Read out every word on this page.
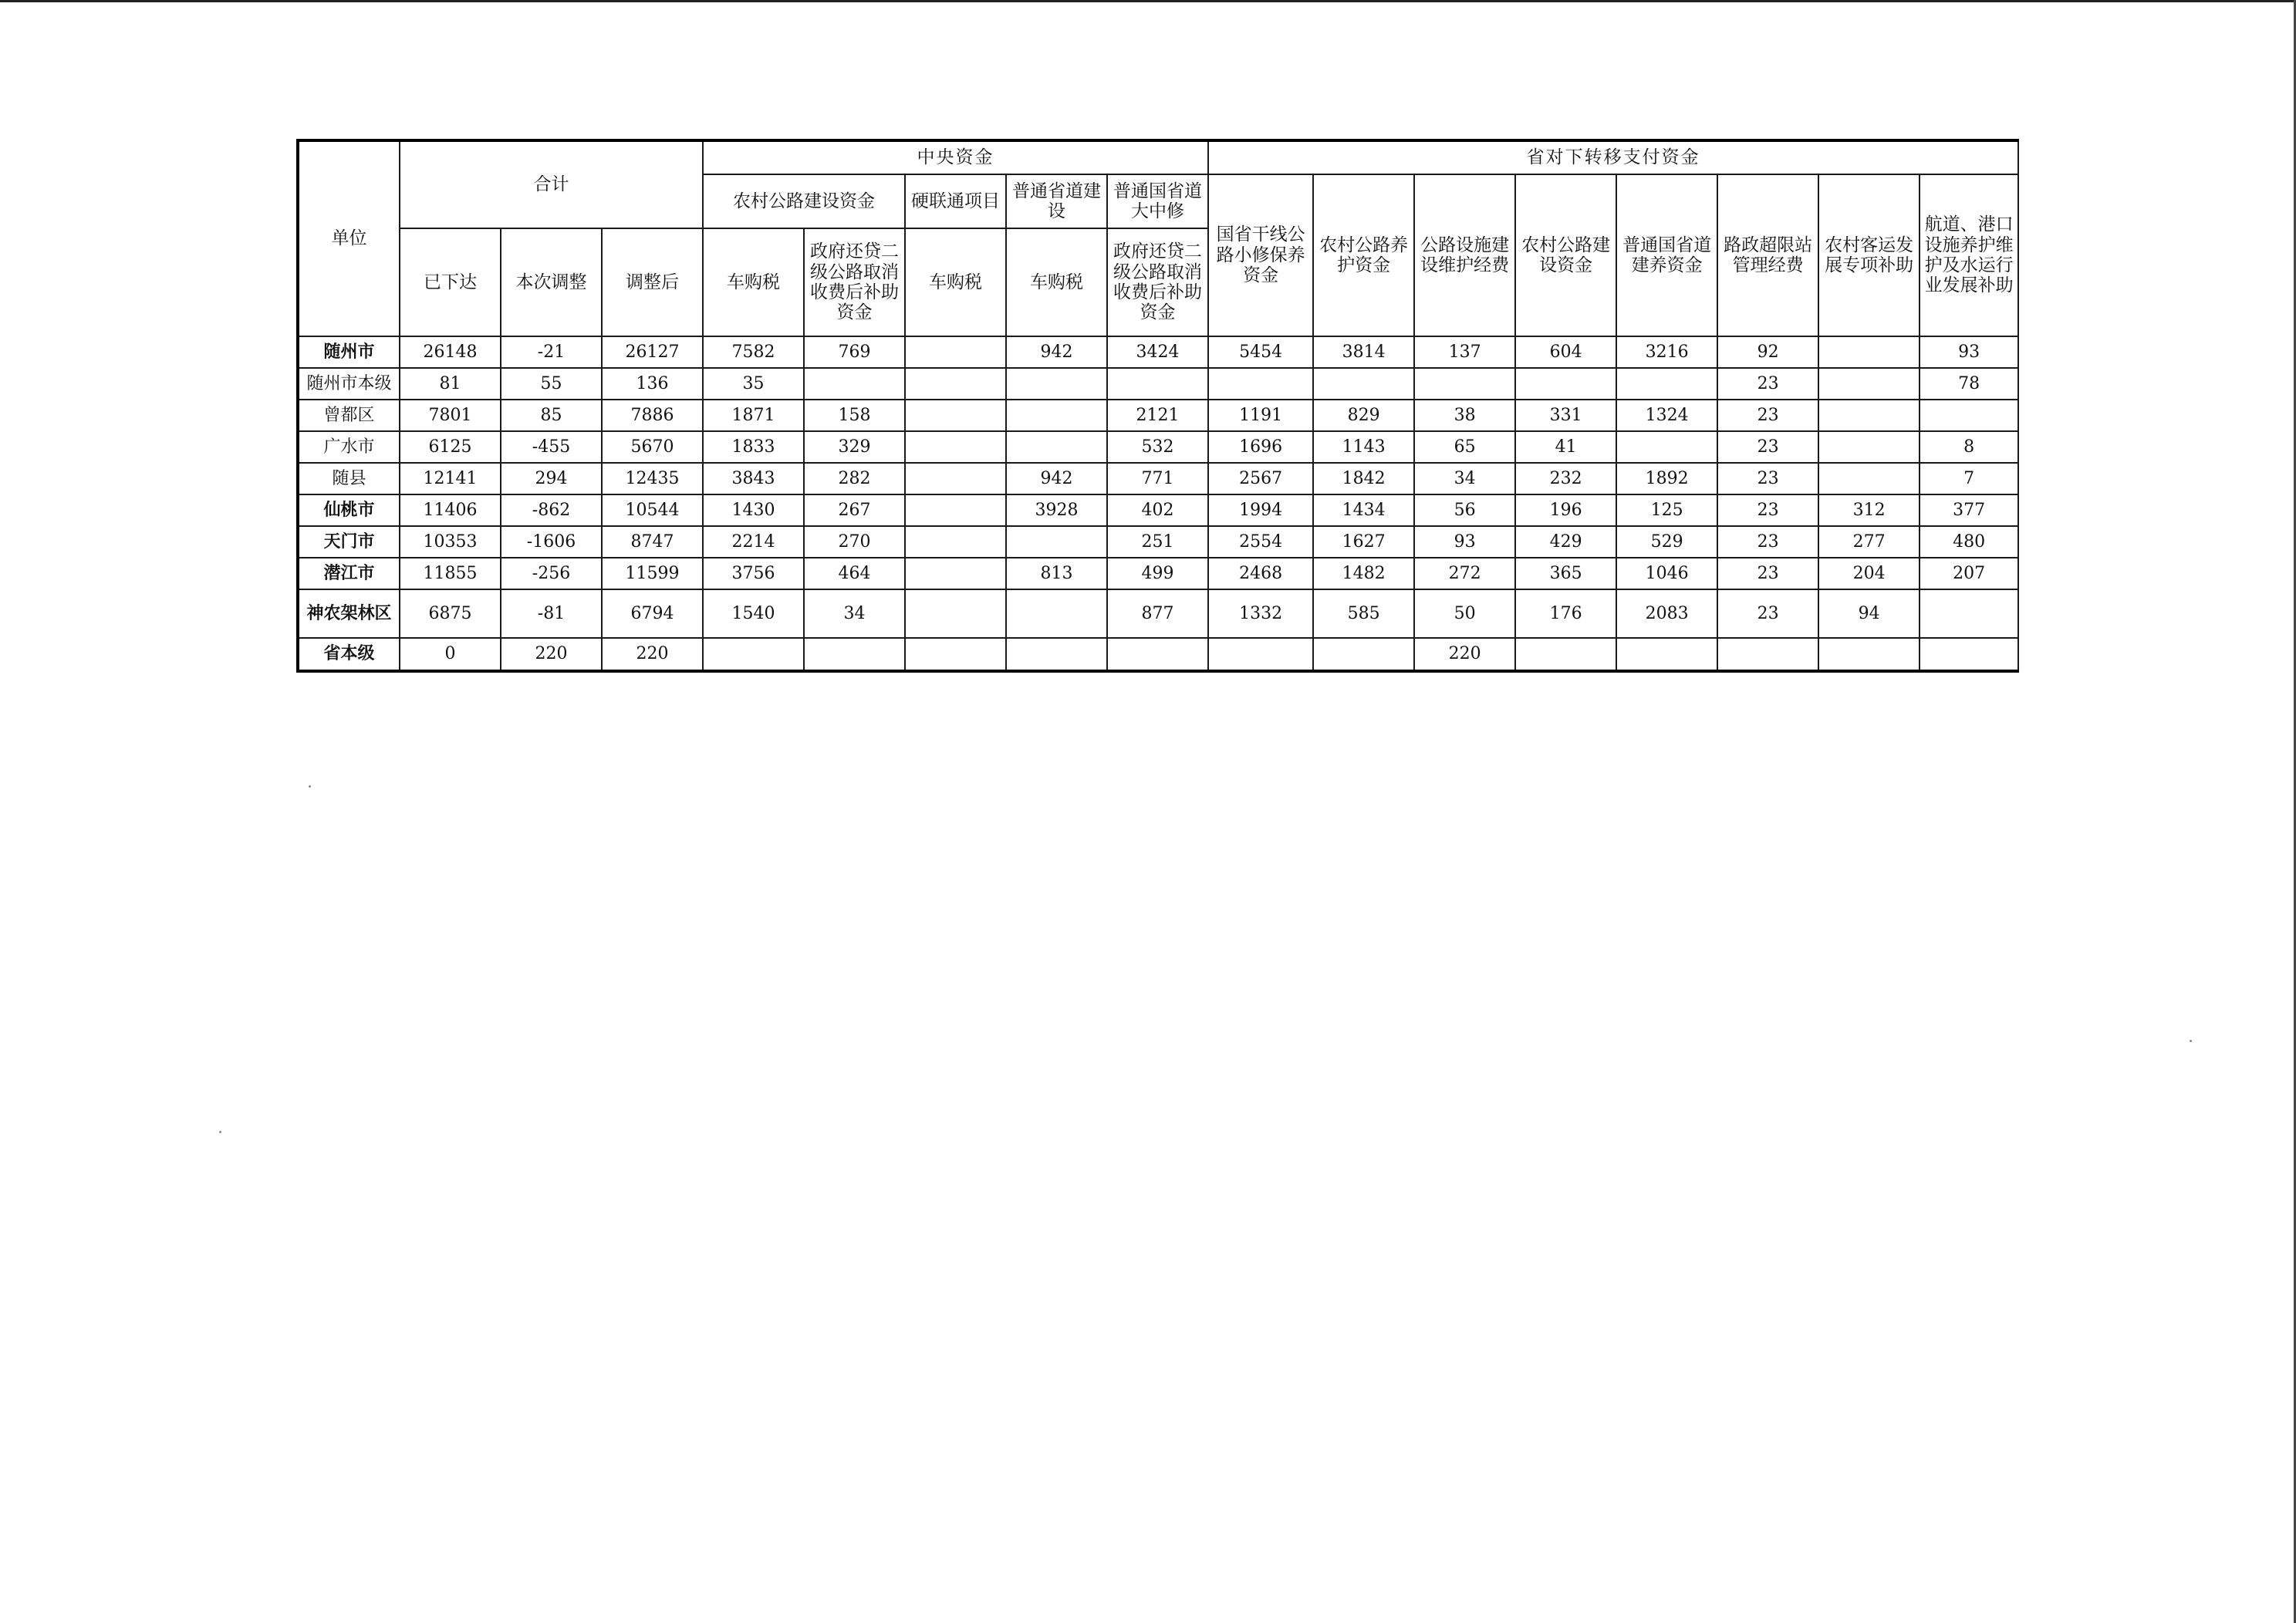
单位	合计			中央资金					省对下转移支付资金							
				农村公路建设资金		硬联通项目	普通省道建设	普通国省道大中修	国省干线公路小修保养资金	农村公路养护资金	公路设施建设维护经费	农村公路建设资金	普通国省道建养资金	路政超限站管理经费	农村客运发展专项补助	航道、港口设施养护维护及水运行业发展补助
	已下达	本次调整	调整后	车购税	政府还贷二级公路取消收费后补助资金	车购税	车购税	政府还贷二级公路取消收费后补助资金								
随州市	26148	-21	26127	7582	769		942	3424	5454	3814	137	604	3216	92		93
随州市本级	81	55	136	35										23		78
曾都区	7801	85	7886	1871	158			2121	1191	829	38	331	1324	23		
广水市	6125	-455	5670	1833	329			532	1696	1143	65	41		23		8
随县	12141	294	12435	3843	282		942	771	2567	1842	34	232	1892	23		7
仙桃市	11406	-862	10544	1430	267		3928	402	1994	1434	56	196	125	23	312	377
天门市	10353	-1606	8747	2214	270			251	2554	1627	93	429	529	23	277	480
潜江市	11855	-256	11599	3756	464		813	499	2468	1482	272	365	1046	23	204	207
神农架林区	6875	-81	6794	1540	34			877	1332	585	50	176	2083	23	94	
省本级	0	220	220								220					
